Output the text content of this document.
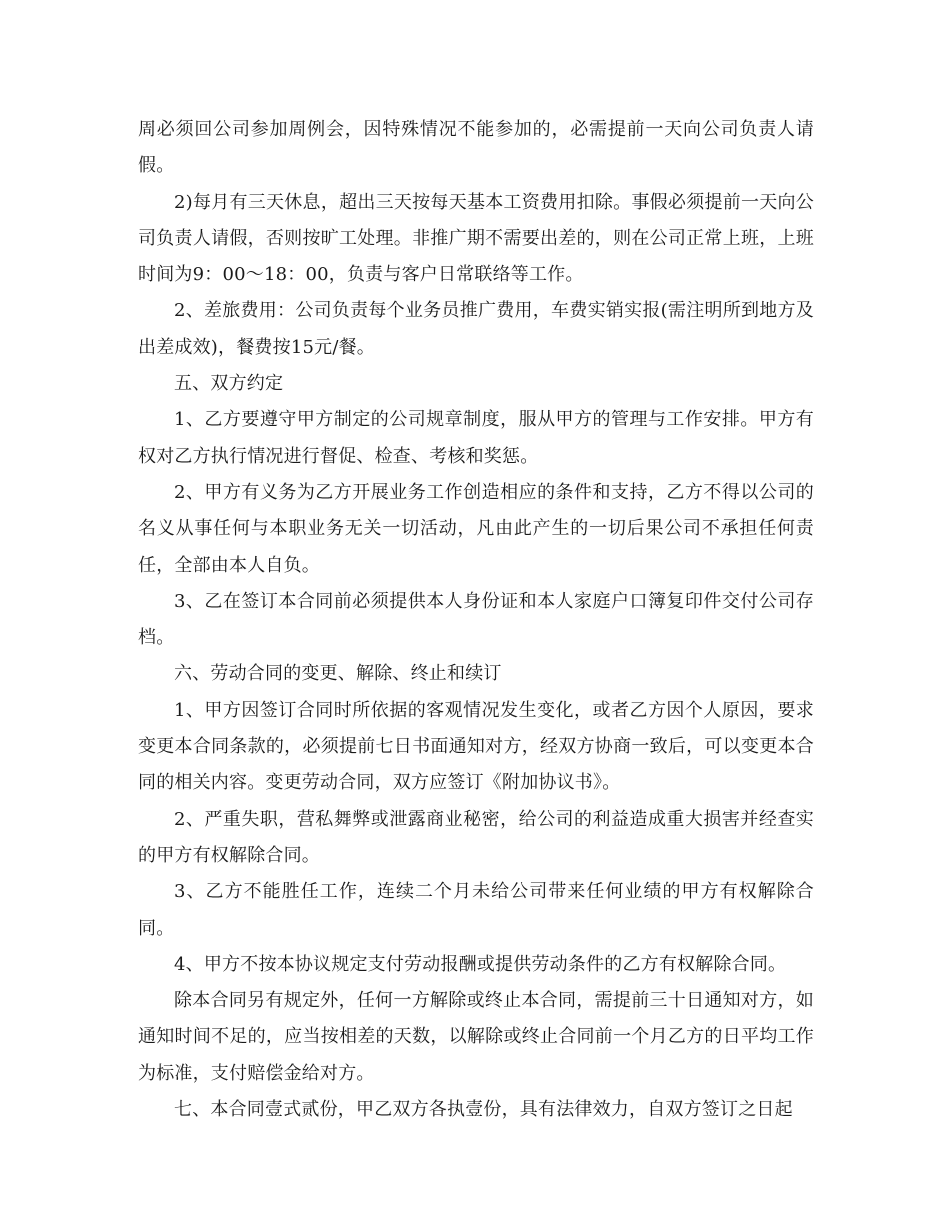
周必须回公司参加周例会，因特殊情况不能参加的，必需提前一天向公司负责人请假。

2)每月有三天休息，超出三天按每天基本工资费用扣除。事假必须提前一天向公司负责人请假，否则按旷工处理。非推广期不需要出差的，则在公司正常上班，上班时间为9：00～18：00，负责与客户日常联络等工作。

2、差旅费用：公司负责每个业务员推广费用，车费实销实报(需注明所到地方及出差成效)，餐费按15元/餐。

五、双方约定

1、乙方要遵守甲方制定的公司规章制度，服从甲方的管理与工作安排。甲方有权对乙方执行情况进行督促、检查、考核和奖惩。

2、甲方有义务为乙方开展业务工作创造相应的条件和支持，乙方不得以公司的名义从事任何与本职业务无关一切活动，凡由此产生的一切后果公司不承担任何责任，全部由本人自负。

3、乙在签订本合同前必须提供本人身份证和本人家庭户口簿复印件交付公司存档。

六、劳动合同的变更、解除、终止和续订

1、甲方因签订合同时所依据的客观情况发生变化，或者乙方因个人原因，要求变更本合同条款的，必须提前七日书面通知对方，经双方协商一致后，可以变更本合同的相关内容。变更劳动合同，双方应签订《附加协议书》。

2、严重失职，营私舞弊或泄露商业秘密，给公司的利益造成重大损害并经查实的甲方有权解除合同。

3、乙方不能胜任工作，连续二个月未给公司带来任何业绩的甲方有权解除合同。

4、甲方不按本协议规定支付劳动报酬或提供劳动条件的乙方有权解除合同。

除本合同另有规定外，任何一方解除或终止本合同，需提前三十日通知对方，如通知时间不足的，应当按相差的天数，以解除或终止合同前一个月乙方的日平均工作为标准，支付赔偿金给对方。

七、本合同壹式贰份，甲乙双方各执壹份，具有法律效力，自双方签订之日起
